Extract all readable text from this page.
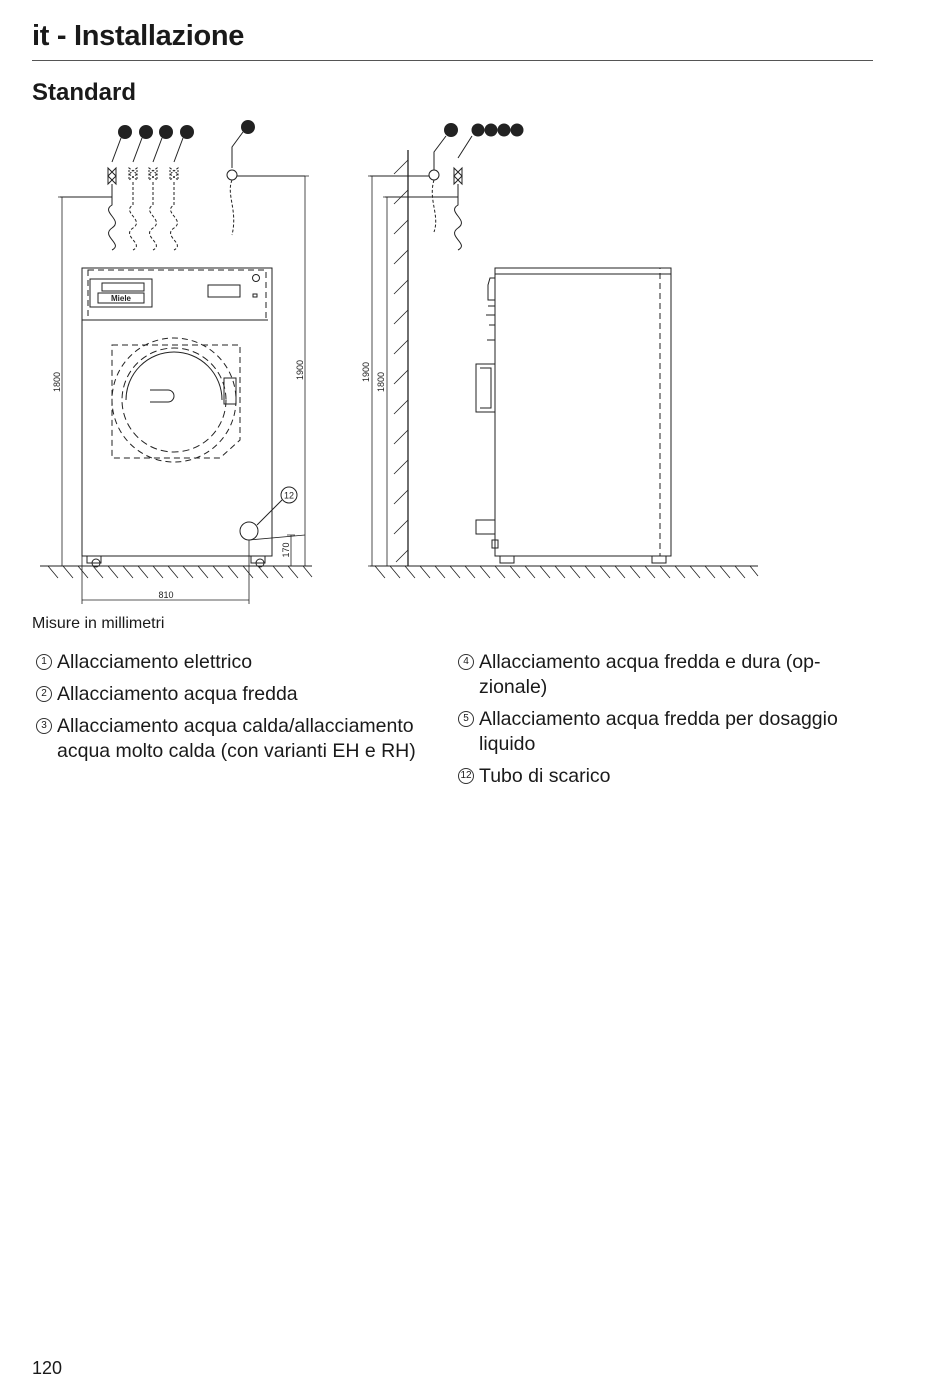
it - Installazione
Standard
2 3 4 5	1
Miele
12
1800
1900
170
810
1 2 3 4 5
1900 1800
Misure in millimetri
1 Allacciamento elettrico
2 Allacciamento acqua fredda
3 Allacciamento acqua calda/allacciamento acqua molto calda (con varianti EH e RH)
4 Allacciamento acqua fredda e dura (op-zionale)
5 Allacciamento acqua fredda per dosaggio liquido
12 Tubo di scarico
120
